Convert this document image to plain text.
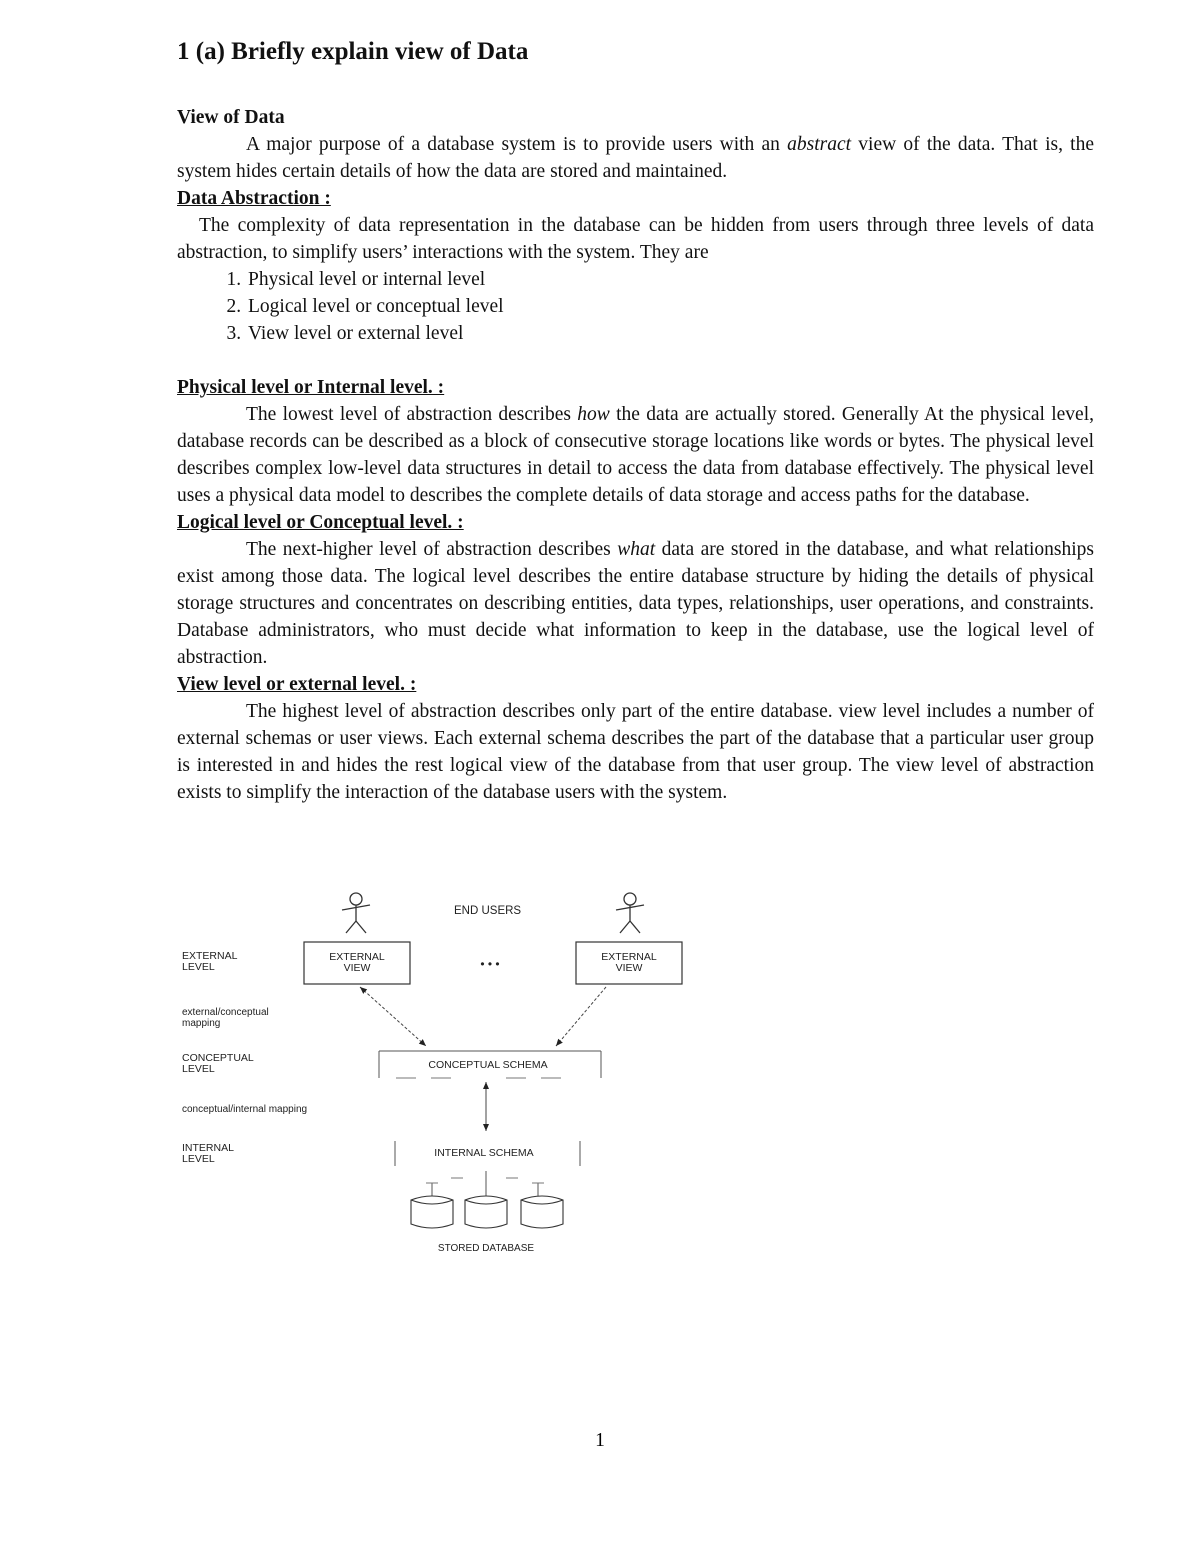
1 (a) Briefly explain view of Data
View of Data

A major purpose of a database system is to provide users with an abstract view of the data. That is, the system hides certain details of how the data are stored and maintained.

Data Abstraction :

The complexity of data representation in the database can be hidden from users through three levels of data abstraction, to simplify users’ interactions with the system. They are

1. Physical level or internal level
2. Logical level or conceptual level
3. View level or external level
Physical level or Internal level. :

The lowest level of abstraction describes how the data are actually stored. Generally At the physical level, database records can be described as a block of consecutive storage locations like words or bytes. The physical level describes complex low-level data structures in detail to access the data from database effectively. The physical level uses a physical data model to describes the complete details of data storage and access paths for the database.

Logical level or Conceptual level. :

The next-higher level of abstraction describes what data are stored in the database, and what relationships exist among those data. The logical level describes the entire database structure by hiding the details of physical storage structures and concentrates on describing entities, data types, relationships, user operations, and constraints. Database administrators, who must decide what information to keep in the database, use the logical level of abstraction.

View level or external level. :

The highest level of abstraction describes only part of the entire database. view level includes a number of external schemas or user views. Each external schema describes the part of the database that a particular user group is interested in and hides the rest logical view of the database from that user group. The view level of abstraction exists to simplify the interaction of the database users with the system.

END USERS
EXTERNAL
LEVEL
external/conceptual
mapping
CONCEPTUAL
LEVEL
conceptual/internal mapping
INTERNAL
LEVEL
EXTERNAL
VIEW	• • •
CONCEPTUAL SCHEMA
INTERNAL SCHEMA
STORED DATABASE
EXTERNAL
VIEW
1
